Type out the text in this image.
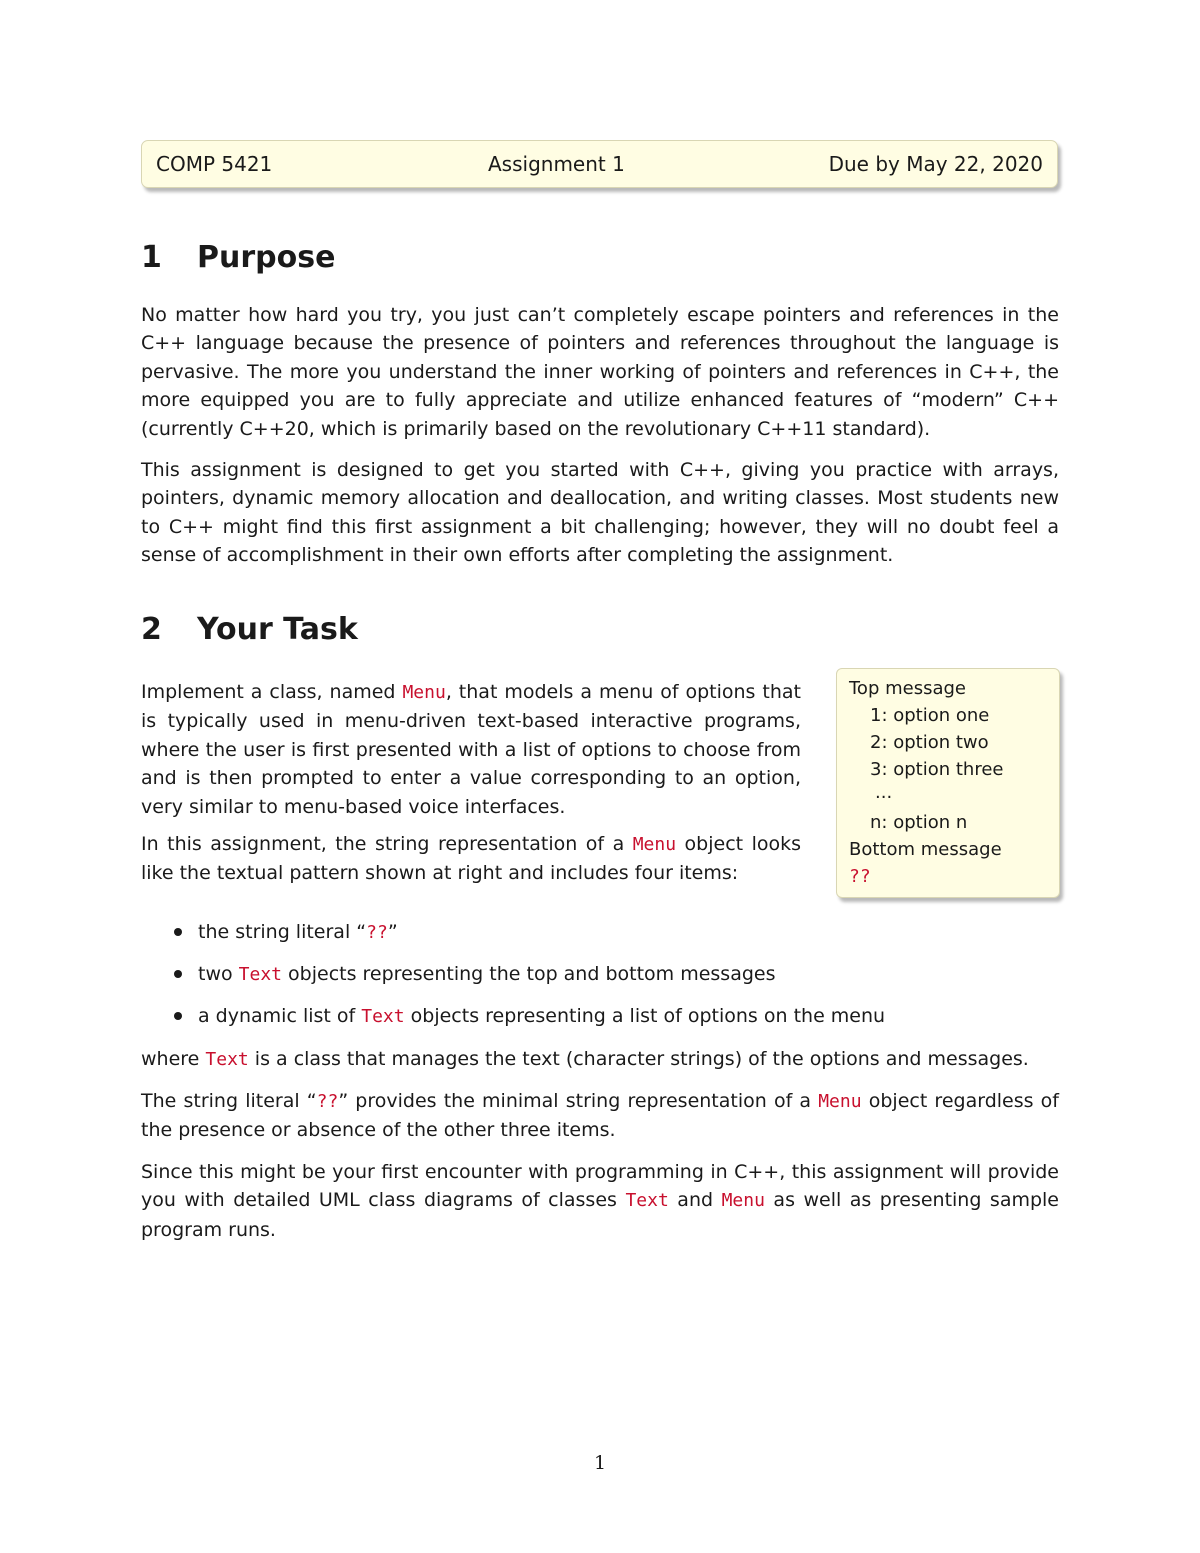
COMP 5421	Assignment 1	Due by May 22, 2020
1 Purpose

No matter how hard you try, you just can’t completely escape pointers and references in the C++ language because the presence of pointers and references throughout the language is pervasive. The more you understand the inner working of pointers and references in C++, the more equipped you are to fully appreciate and utilize enhanced features of “modern” C++ (currently C++20, which is primarily based on the revolutionary C++11 standard).

This assignment is designed to get you started with C++, giving you practice with arrays, pointers, dynamic memory allocation and deallocation, and writing classes. Most students new to C++ might find this first assignment a bit challenging; however, they will no doubt feel a sense of accomplishment in their own efforts after completing the assignment.

2 Your Task

Implement a class, named Menu, that models a menu of options that is typically used in menu-driven text-based interactive programs, where the user is first presented with a list of options to choose from and is then prompted to enter a value corresponding to an option, very similar to menu-based voice interfaces.

In this assignment, the string representation of a Menu object looks like the textual pattern shown at right and includes four items:

Top message
1: option one
2: option two
3: option three
...
n: option n
Bottom message
??
the string literal “??”
two Text objects representing the top and bottom messages
a dynamic list of Text objects representing a list of options on the menu

where Text is a class that manages the text (character strings) of the options and messages.

The string literal “??” provides the minimal string representation of a Menu object regardless of the presence or absence of the other three items.

Since this might be your first encounter with programming in C++, this assignment will provide you with detailed UML class diagrams of classes Text and Menu as well as presenting sample program runs.

1
